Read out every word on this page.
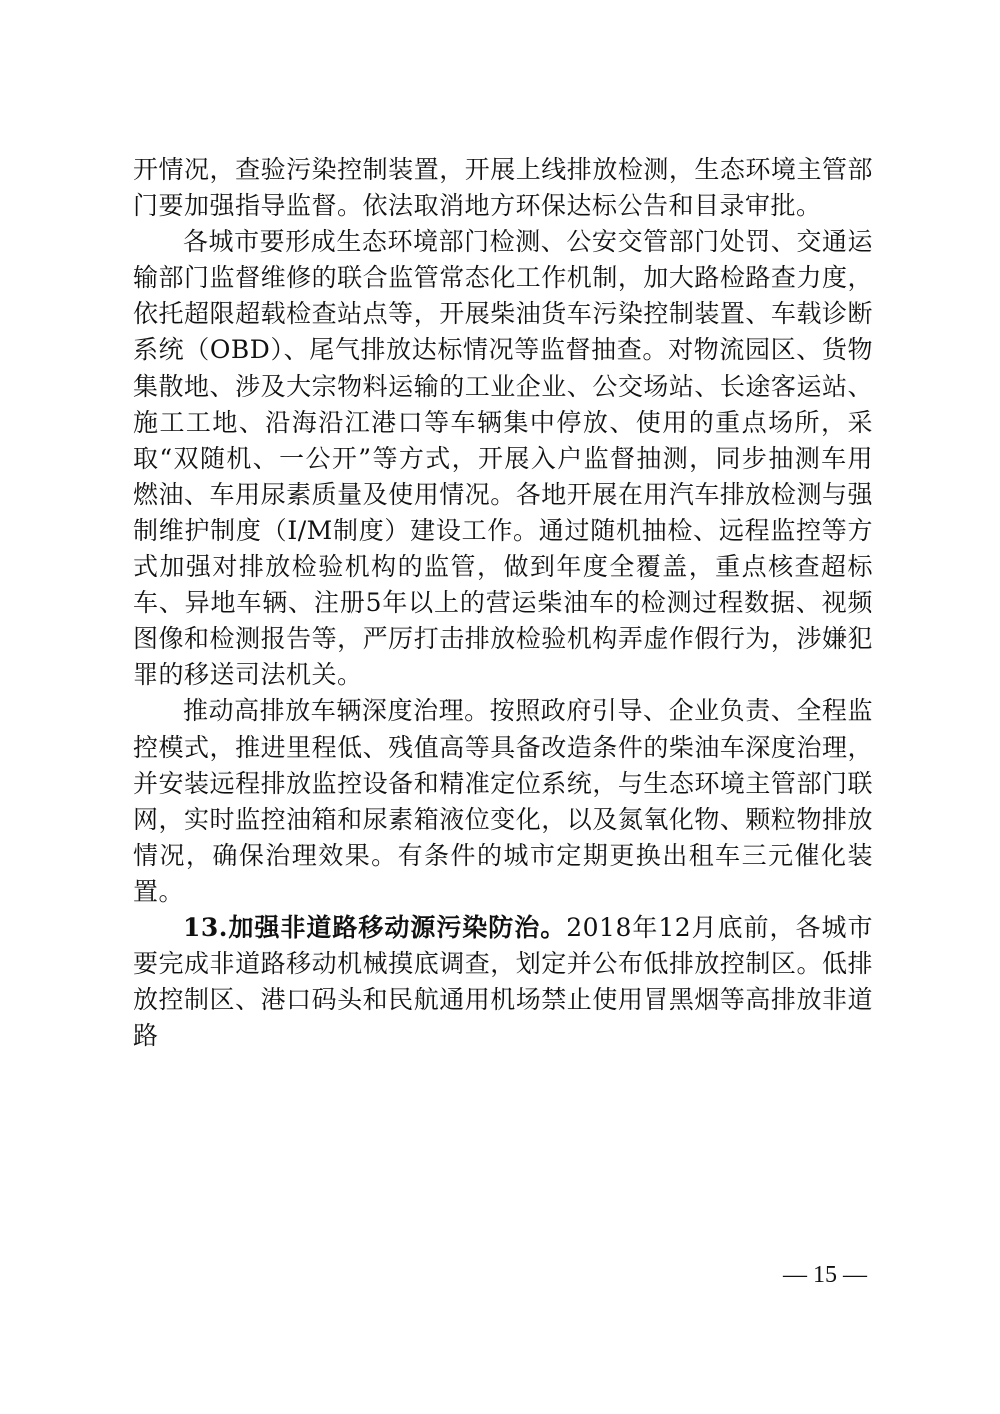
开情况，查验污染控制装置，开展上线排放检测，生态环境主管部门要加强指导监督。依法取消地方环保达标公告和目录审批。

各城市要形成生态环境部门检测、公安交管部门处罚、交通运输部门监督维修的联合监管常态化工作机制，加大路检路查力度，依托超限超载检查站点等，开展柴油货车污染控制装置、车载诊断系统（OBD）、尾气排放达标情况等监督抽查。对物流园区、货物集散地、涉及大宗物料运输的工业企业、公交场站、长途客运站、施工工地、沿海沿江港口等车辆集中停放、使用的重点场所，采取“双随机、一公开”等方式，开展入户监督抽测，同步抽测车用燃油、车用尿素质量及使用情况。各地开展在用汽车排放检测与强制维护制度（I/M制度）建设工作。通过随机抽检、远程监控等方式加强对排放检验机构的监管，做到年度全覆盖，重点核查超标车、异地车辆、注册5年以上的营运柴油车的检测过程数据、视频图像和检测报告等，严厉打击排放检验机构弄虚作假行为，涉嫌犯罪的移送司法机关。

推动高排放车辆深度治理。按照政府引导、企业负责、全程监控模式，推进里程低、残值高等具备改造条件的柴油车深度治理，并安装远程排放监控设备和精准定位系统，与生态环境主管部门联网，实时监控油箱和尿素箱液位变化，以及氮氧化物、颗粒物排放情况，确保治理效果。有条件的城市定期更换出租车三元催化装置。

13.加强非道路移动源污染防治。2018年12月底前，各城市要完成非道路移动机械摸底调查，划定并公布低排放控制区。低排放控制区、港口码头和民航通用机场禁止使用冒黑烟等高排放非道路

— 15 —
